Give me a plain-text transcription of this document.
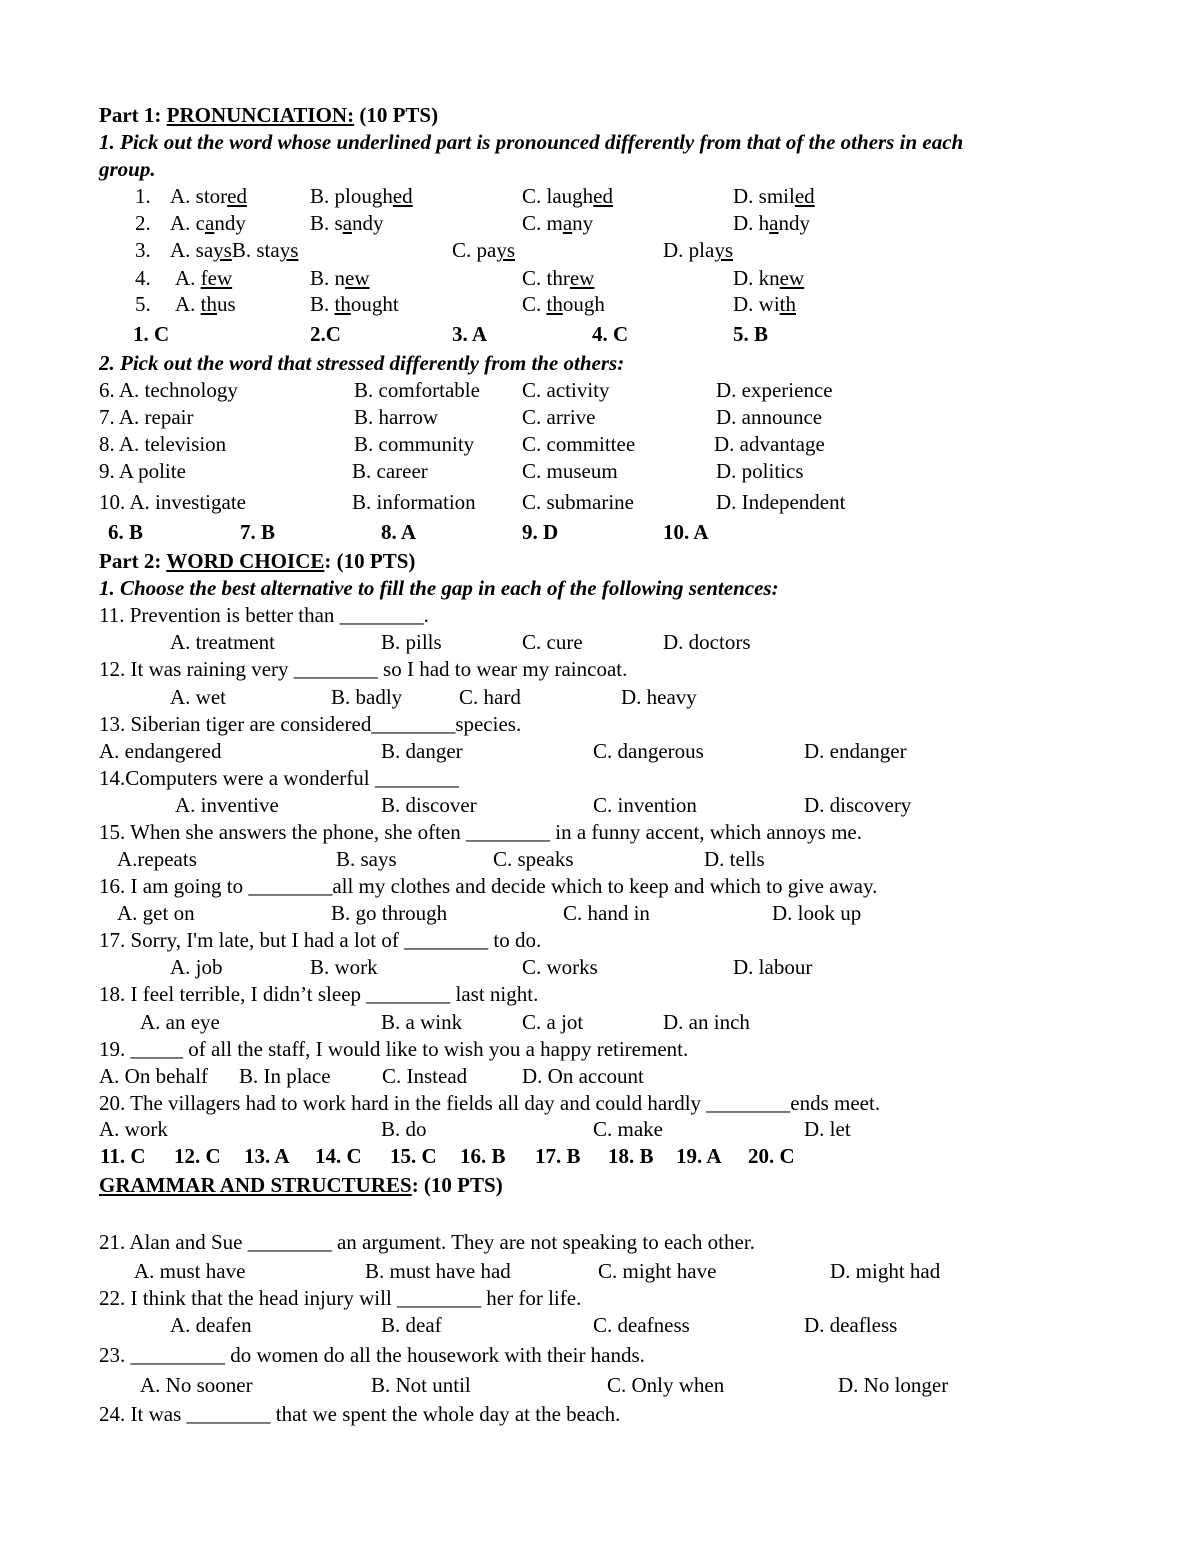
Part 1: PRONUNCIATION: (10 PTS)
1. Pick out the word whose underlined part is pronounced differently from that of the others in each
group.
1. A. stored	B. ploughed	C. laughed	D. smiled
2. A. candy	B. sandy	C. many	D. handy
3. A. saysB. stays	C. pays	D. plays
4. A. few	B. new	C. threw	D. knew
5. A. thus	B. thought	C. though	D. with
1. C	2.C	3. A	4. C	5. B
2. Pick out the word that stressed differently from the others:
6. A. technology	B. comfortable C. activity	D. experience
7. A. repair	B. harrow	C. arrive	D. announce
8. A. television	B. community C. committee	D. advantage
9. A polite	B. career	C. museum	D. politics
10. A. investigate	B. information C. submarine	D. Independent
6. B	7. B	8. A	9. D	10. A
Part 2: WORD CHOICE: (10 PTS)
1. Choose the best alternative to fill the gap in each of the following sentences:
11. Prevention is better than ________.
A. treatment	B. pills	C. cure	D. doctors
12. It was raining very ________ so I had to wear my raincoat.
A. wet	B. badly	C. hard	D. heavy
13. Siberian tiger are considered________species.
A. endangered	B. danger	C. dangerous	D. endanger
14.Computers were a wonderful ________
A. inventive	B. discover	C. invention	D. discovery
15. When she answers the phone, she often ________ in a funny accent, which annoys me.
A.repeats	B. says	C. speaks	D. tells
16. I am going to ________all my clothes and decide which to keep and which to give away.
A. get on	B. go through	C. hand in	D. look up
17. Sorry, I'm late, but I had a lot of ________ to do.
A. job	B. work	C. works	D. labour
18. I feel terrible, I didn’t sleep ________ last night.
A. an eye	B. a wink	C. a jot	D. an inch
19. _____ of all the staff, I would like to wish you a happy retirement.
A. On behalf B. In place C. Instead	D. On account
20. The villagers had to work hard in the fields all day and could hardly ________ends meet.
A. work	B. do	C. make	D. let
11. C 12. C 13. A 14. C 15. C 16. B 17. B 18. B 19. A 20. C
GRAMMAR AND STRUCTURES: (10 PTS)
21. Alan and Sue ________ an argument. They are not speaking to each other.
A. must have	B. must have had	C. might have	D. might had
22. I think that the head injury will ________ her for life.
A. deafen	B. deaf	C. deafness	D. deafless
23. _________ do women do all the housework with their hands.
A. No sooner	B. Not until	C. Only when	D. No longer
24. It was ________ that we spent the whole day at the beach.
